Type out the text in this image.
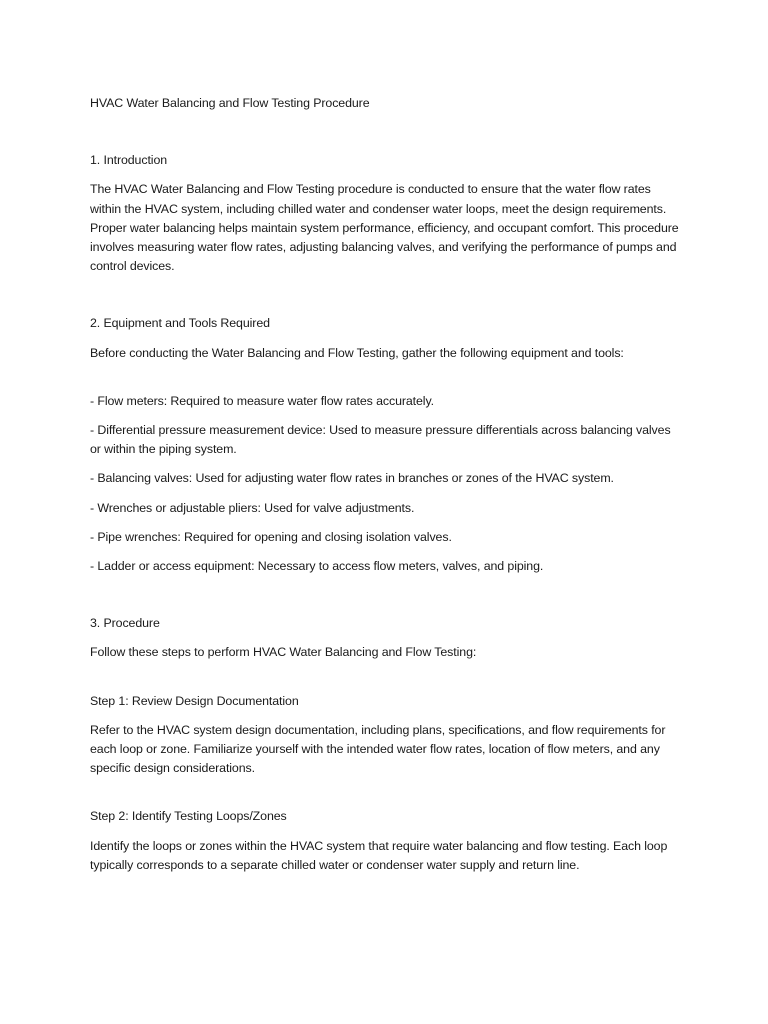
HVAC Water Balancing and Flow Testing Procedure

1. Introduction

The HVAC Water Balancing and Flow Testing procedure is conducted to ensure that the water flow rates within the HVAC system, including chilled water and condenser water loops, meet the design requirements. Proper water balancing helps maintain system performance, efficiency, and occupant comfort. This procedure involves measuring water flow rates, adjusting balancing valves, and verifying the performance of pumps and control devices.

2. Equipment and Tools Required

Before conducting the Water Balancing and Flow Testing, gather the following equipment and tools:

- Flow meters: Required to measure water flow rates accurately.
- Differential pressure measurement device: Used to measure pressure differentials across balancing valves or within the piping system.
- Balancing valves: Used for adjusting water flow rates in branches or zones of the HVAC system.
- Wrenches or adjustable pliers: Used for valve adjustments.
- Pipe wrenches: Required for opening and closing isolation valves.
- Ladder or access equipment: Necessary to access flow meters, valves, and piping.

3. Procedure

Follow these steps to perform HVAC Water Balancing and Flow Testing:

Step 1: Review Design Documentation

Refer to the HVAC system design documentation, including plans, specifications, and flow requirements for each loop or zone. Familiarize yourself with the intended water flow rates, location of flow meters, and any specific design considerations.

Step 2: Identify Testing Loops/Zones

Identify the loops or zones within the HVAC system that require water balancing and flow testing. Each loop typically corresponds to a separate chilled water or condenser water supply and return line.
